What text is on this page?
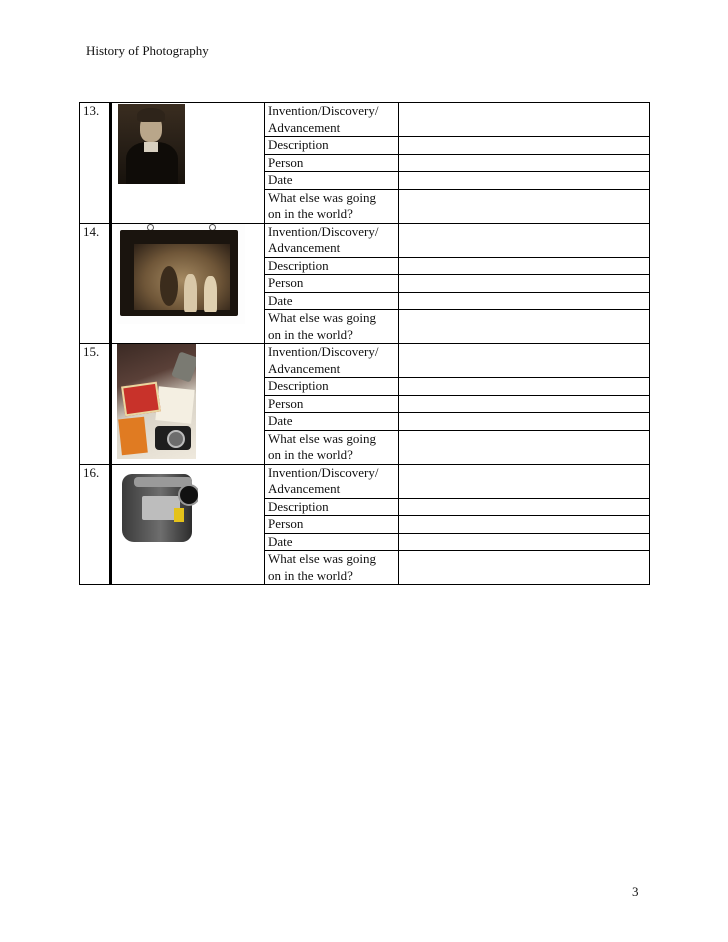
History of Photography
13.		Invention/Discovery/
Advancement	
		Description	
		Person	
		Date	
		What else was going
on in the world?	
14.		Invention/Discovery/
Advancement	
		Description	
		Person	
		Date	
		What else was going
on in the world?	
15.		Invention/Discovery/
Advancement	
		Description	
		Person	
		Date	
		What else was going
on in the world?	
16.		Invention/Discovery/
Advancement	
		Description	
		Person	
		Date	
		What else was going
on in the world?	
3
